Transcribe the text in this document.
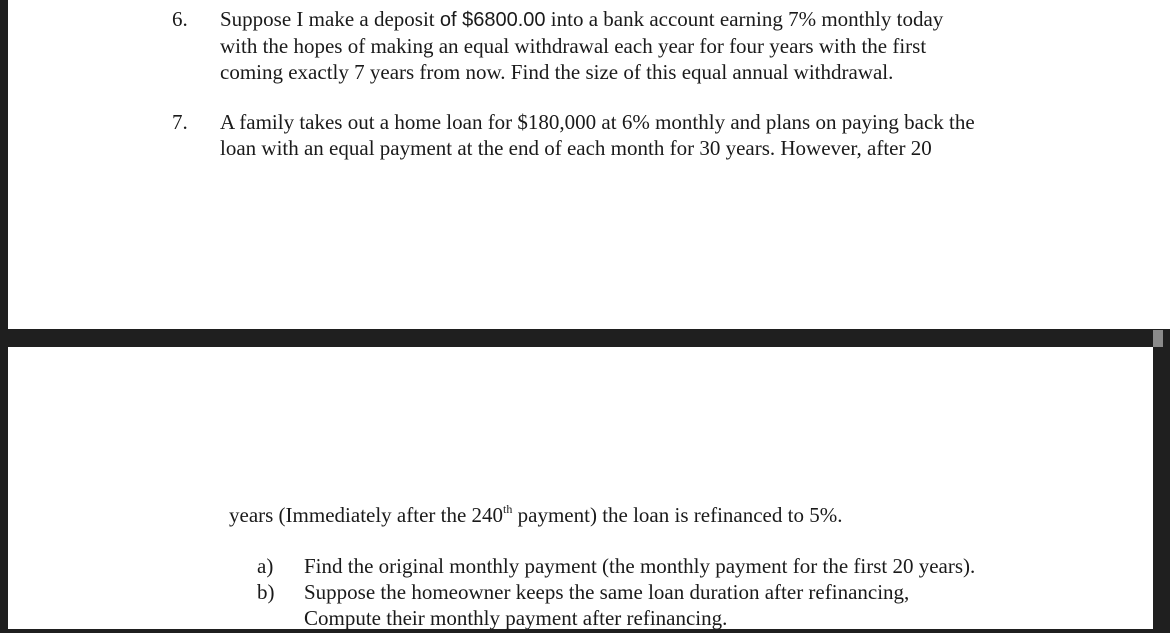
6. Suppose I make a deposit of $6800.00 into a bank account earning 7% monthly today
with the hopes of making an equal withdrawal each year for four years with the first
coming exactly 7 years from now. Find the size of this equal annual withdrawal.
7. A family takes out a home loan for $180,000 at 6% monthly and plans on paying back the
loan with an equal payment at the end of each month for 30 years. However, after 20
years (Immediately after the 240th payment) the loan is refinanced to 5%.
a) Find the original monthly payment (the monthly payment for the first 20 years).
b) Suppose the homeowner keeps the same loan duration after refinancing,
Compute their monthly payment after refinancing.
